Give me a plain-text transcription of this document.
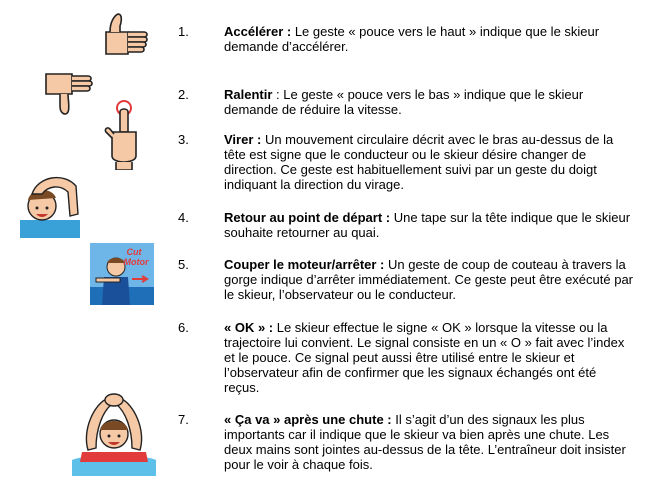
1.	Accélérer : Le geste « pouce vers le haut » indique que le skieur demande d’accélérer.
2.	Ralentir : Le geste « pouce vers le bas » indique que le skieur demande de réduire la vitesse.
3.	Virer : Un mouvement circulaire décrit avec le bras au-dessus de la tête est signe que le conducteur ou le skieur désire changer de direction. Ce geste est habituellement suivi par un geste du doigt indiquant la direction du virage.
4.	Retour au point de départ : Une tape sur la tête indique que le skieur souhaite retourner au quai.
5.	Couper le moteur/arrêter : Un geste de coup de couteau à travers la gorge indique d’arrêter immédiatement. Ce geste peut être exécuté par le skieur, l’observateur ou le conducteur.
6.	« OK » : Le skieur effectue le signe « OK » lorsque la vitesse ou la trajectoire lui convient. Le signal consiste en un « O » fait avec l’index et le pouce. Ce signal peut aussi être utilisé entre le skieur et l’observateur afin de confirmer que les signaux échangés ont été reçus.
7.	« Ça va » après une chute : Il s’agit d’un des signaux les plus importants car il indique que le skieur va bien après une chute. Les deux mains sont jointes au-dessus de la tête. L’entraîneur doit insister pour le voir à chaque fois.
Cut
Motor
